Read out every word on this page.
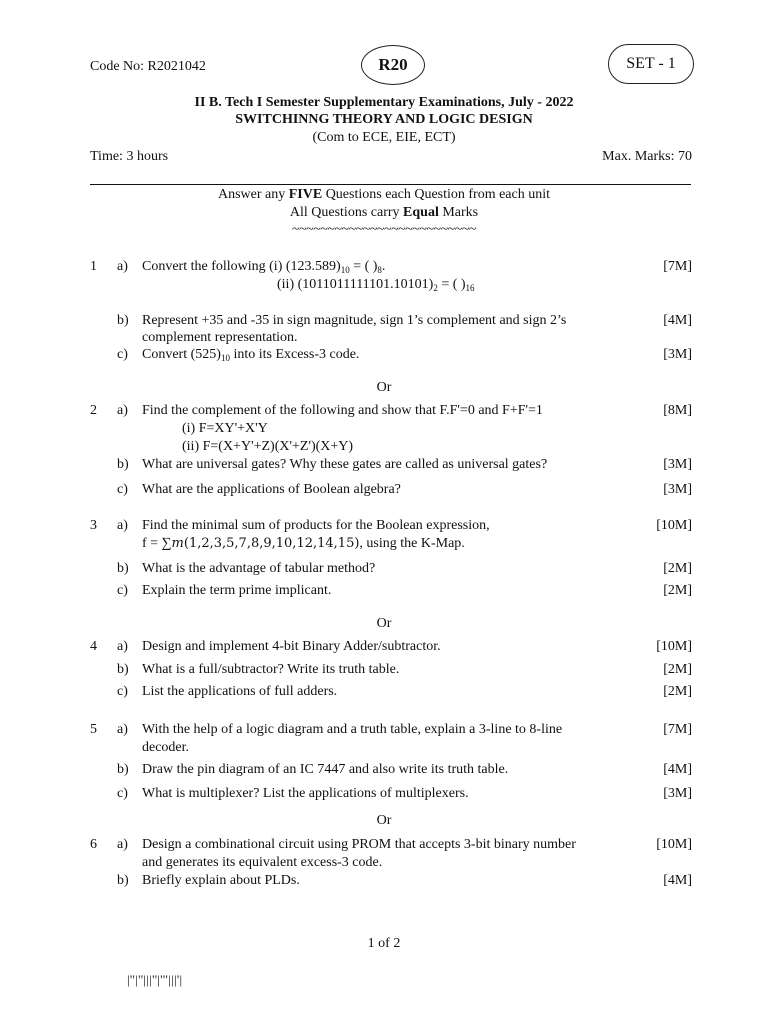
Code No: R2021042	R20	SET - 1
II B. Tech I Semester Supplementary Examinations, July - 2022
SWITCHINNG THEORY AND LOGIC DESIGN
(Com to ECE, EIE, ECT)
Time: 3 hours	Max. Marks: 70
Answer any FIVE Questions each Question from each unit
All Questions carry Equal Marks
~~~~~~~~~~~~~~~~~~~~~~~~~~
1 a) Convert the following (i) $(123.589)_{10}$ = ( )$_8$.
(ii) $(1011011111101.10101)_2$ = ( )$_{16}$
[7M]
b) Represent +35 and -35 in sign magnitude, sign 1’s complement and sign 2’s
complement representation.
[4M]
c) Convert $(525)_{10}$ into its Excess-3 code.	[3M]
Or
2 a) Find the complement of the following and show that F.F'=0 and F+F'=1
(i) F=XY'+X'Y
(ii) F=(X+Y'+Z)(X'+Z')(X+Y)
[8M]
b) What are universal gates? Why these gates are called as universal gates?	[3M]
c) What are the applications of Boolean algebra?	[3M]
3 a) Find the minimal sum of products for the Boolean expression,
f = ∑m(1,2,3,5,7,8,9,10,12,14,15), using the K-Map.
[10M]
b) What is the advantage of tabular method?	[2M]
c) Explain the term prime implicant.	[2M]
Or
4 a) Design and implement 4-bit Binary Adder/subtractor.	[10M]
b) What is a full/subtractor? Write its truth table.	[2M]
c) List the applications of full adders.	[2M]
5 a) With the help of a logic diagram and a truth table, explain a 3-line to 8-line
decoder.
[7M]
b) Draw the pin diagram of an IC 7447 and also write its truth table.	[4M]
c) What is multiplexer? List the applications of multiplexers.	[3M]
Or
6 a) Design a combinational circuit using PROM that accepts 3-bit binary number
and generates its equivalent excess-3 code.
[10M]
b) Briefly explain about PLDs.	[4M]
1 of 2
|''|''|||''|'''|||'|
